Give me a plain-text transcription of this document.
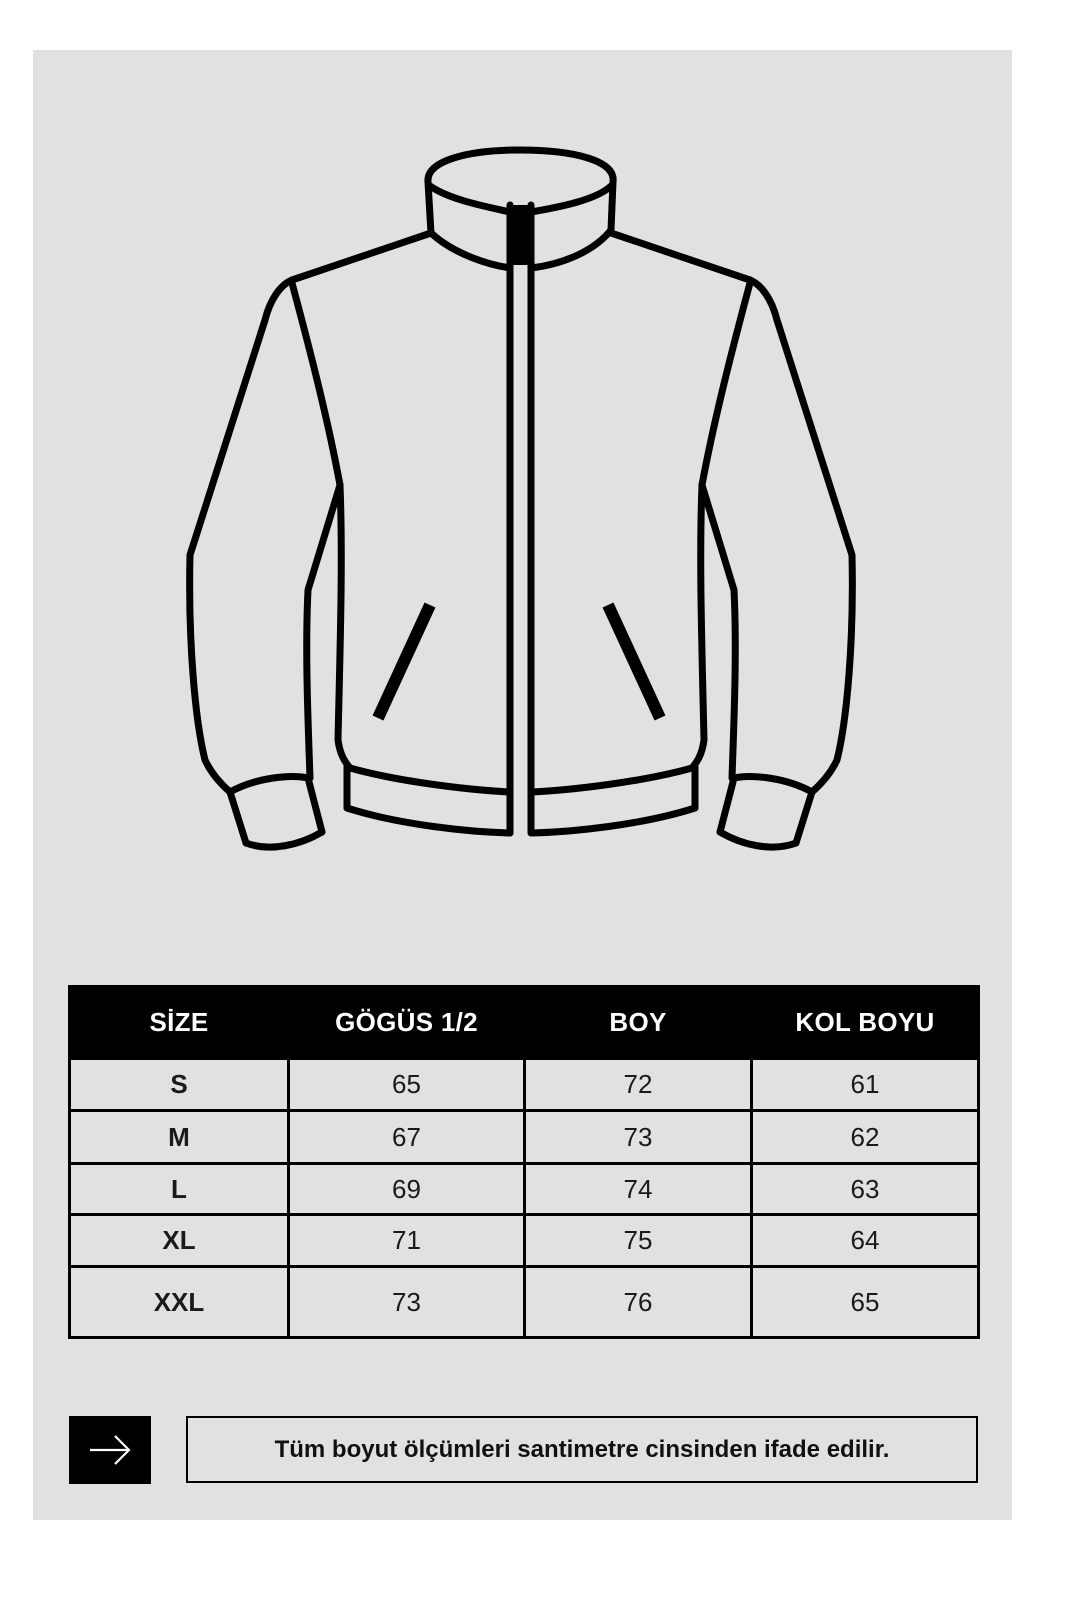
SİZE	GÖGÜS 1/2	BOY	KOL BOYU
S	65	72	61
M	67	73	62
L	69	74	63
XL	71	75	64
XXL	73	76	65
Tüm boyut ölçümleri santimetre cinsinden ifade edilir.
